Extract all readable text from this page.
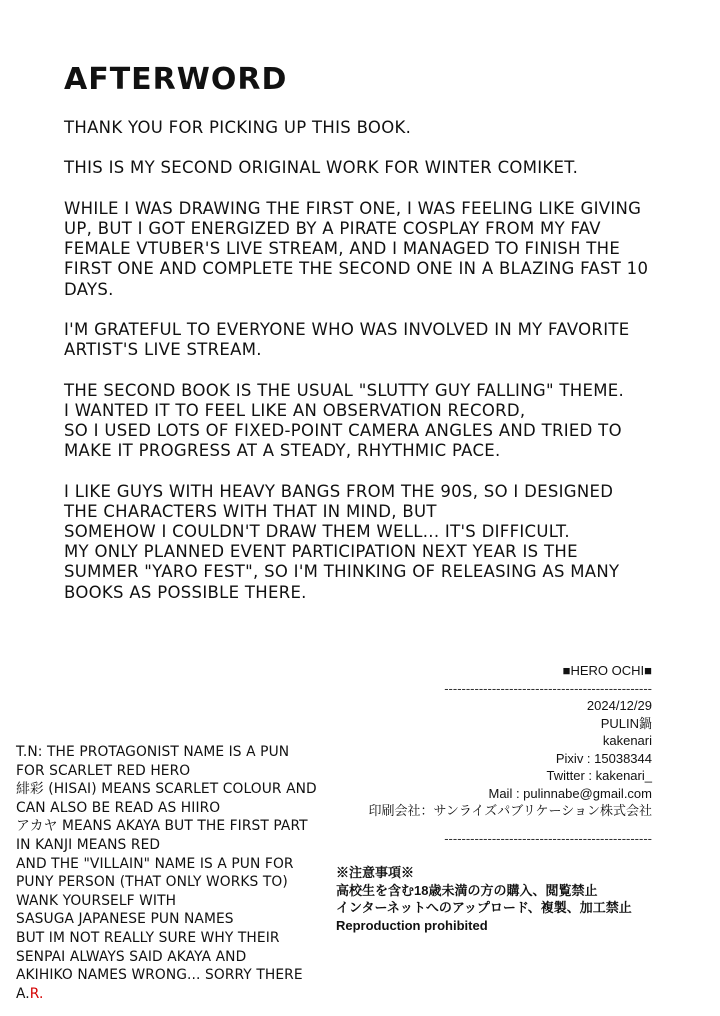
AFTERWORD

THANK YOU FOR PICKING UP THIS BOOK.

THIS IS MY SECOND ORIGINAL WORK FOR WINTER COMIKET.

WHILE I WAS DRAWING THE FIRST ONE, I WAS FEELING LIKE GIVING
UP, BUT I GOT ENERGIZED BY A PIRATE COSPLAY FROM MY FAV
FEMALE VTUBER'S LIVE STREAM, AND I MANAGED TO FINISH THE
FIRST ONE AND COMPLETE THE SECOND ONE IN A BLAZING FAST 10
DAYS.

I'M GRATEFUL TO EVERYONE WHO WAS INVOLVED IN MY FAVORITE
ARTIST'S LIVE STREAM.

THE SECOND BOOK IS THE USUAL "SLUTTY GUY FALLING" THEME.
I WANTED IT TO FEEL LIKE AN OBSERVATION RECORD,
SO I USED LOTS OF FIXED-POINT CAMERA ANGLES AND TRIED TO
MAKE IT PROGRESS AT A STEADY, RHYTHMIC PACE.

I LIKE GUYS WITH HEAVY BANGS FROM THE 90S, SO I DESIGNED
THE CHARACTERS WITH THAT IN MIND, BUT
SOMEHOW I COULDN'T DRAW THEM WELL... IT'S DIFFICULT.
MY ONLY PLANNED EVENT PARTICIPATION NEXT YEAR IS THE
SUMMER "YARO FEST", SO I'M THINKING OF RELEASING AS MANY
BOOKS AS POSSIBLE THERE.

■HERO OCHI■
------------------------------------------------
2024/12/29
PULIN鍋
kakenari
Pixiv : 15038344
Twitter : kakenari_
Mail : pulinnabe@gmail.com
印刷会社：サンライズパブリケーション株式会社
------------------------------------------------
※注意事項※
高校生を含む18歳未満の方の購入、閲覧禁止
インターネットへのアップロード、複製、加工禁止
Reproduction prohibited
T.N: THE PROTAGONIST NAME IS A PUN
FOR SCARLET RED HERO
緋彩 (HISAI) MEANS SCARLET COLOUR AND
CAN ALSO BE READ AS HIIRO
アカヤ MEANS AKAYA BUT THE FIRST PART
IN KANJI MEANS RED
AND THE "VILLAIN" NAME IS A PUN FOR
PUNY PERSON (THAT ONLY WORKS TO)
WANK YOURSELF WITH
SASUGA JAPANESE PUN NAMES
BUT IM NOT REALLY SURE WHY THEIR
SENPAI ALWAYS SAID AKAYA AND
AKIHIKO NAMES WRONG... SORRY THERE
A.R.
